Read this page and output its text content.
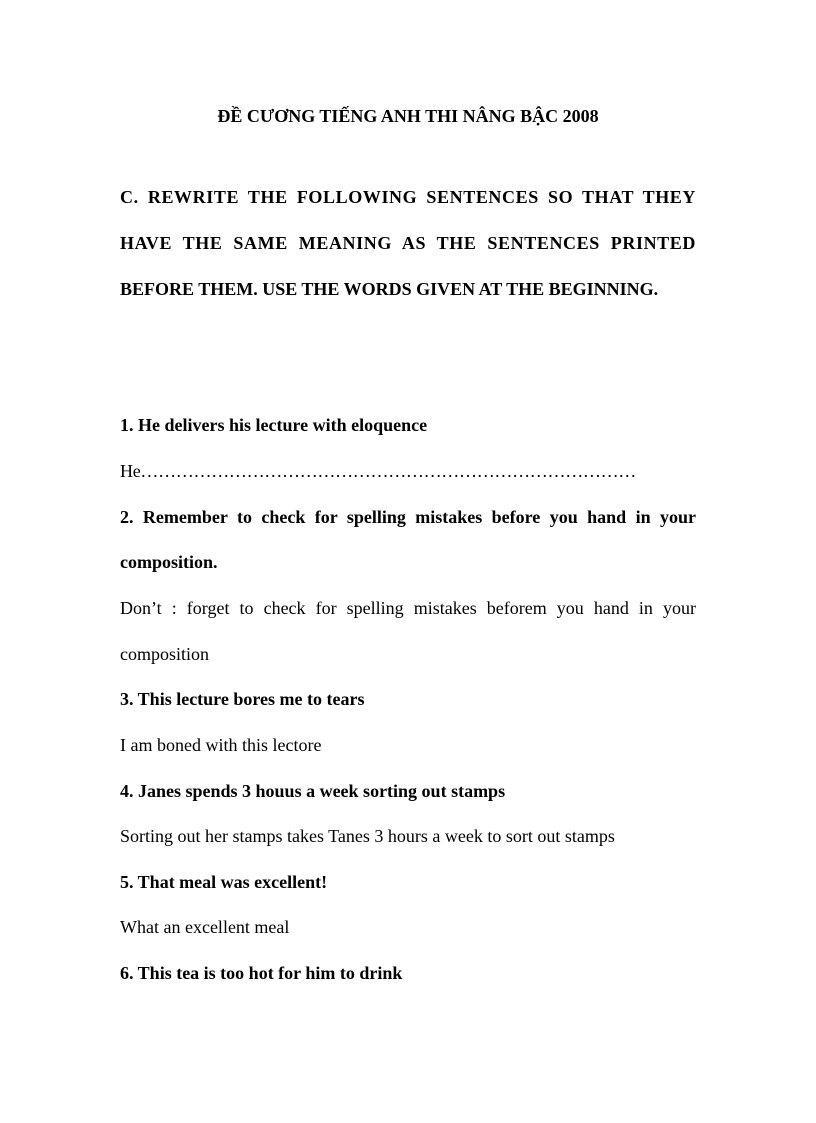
ĐỀ CƯƠNG TIẾNG ANH THI NÂNG BẬC 2008
C. REWRITE THE FOLLOWING SENTENCES SO THAT THEY
HAVE THE SAME MEANING AS THE SENTENCES PRINTED
BEFORE THEM. USE THE WORDS GIVEN AT THE BEGINNING.
1. He delivers his lecture with eloquence
He…………………………………………………………………………
2. Remember to check for spelling mistakes before you hand in your
composition.
Don’t : forget to check for spelling mistakes beforem you hand in your
composition
3. This lecture bores me to tears
I am boned with this lectore
4. Janes spends 3 houus a week sorting out stamps
Sorting out her stamps takes Tanes 3 hours a week to sort out stamps
5. That meal was excellent!
What an excellent meal
6. This tea is too hot for him to drink
